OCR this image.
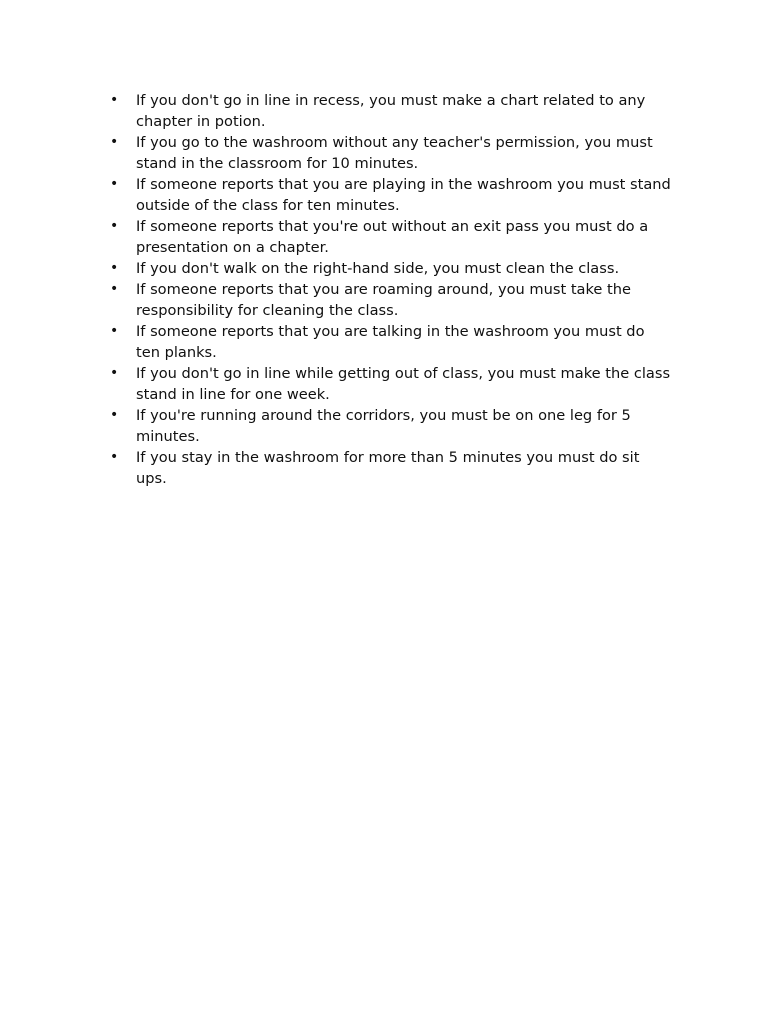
• If you don't go in line in recess, you must make a chart related to any chapter in potion.
• If you go to the washroom without any teacher's permission, you must stand in the classroom for 10 minutes.
• If someone reports that you are playing in the washroom you must stand outside of the class for ten minutes.
• If someone reports that you're out without an exit pass you must do a presentation on a chapter.
• If you don't walk on the right-hand side, you must clean the class.
• If someone reports that you are roaming around, you must take the responsibility for cleaning the class.
• If someone reports that you are talking in the washroom you must do ten planks.
• If you don't go in line while getting out of class, you must make the class stand in line for one week.
• If you're running around the corridors, you must be on one leg for 5 minutes.
• If you stay in the washroom for more than 5 minutes you must do sit ups.
